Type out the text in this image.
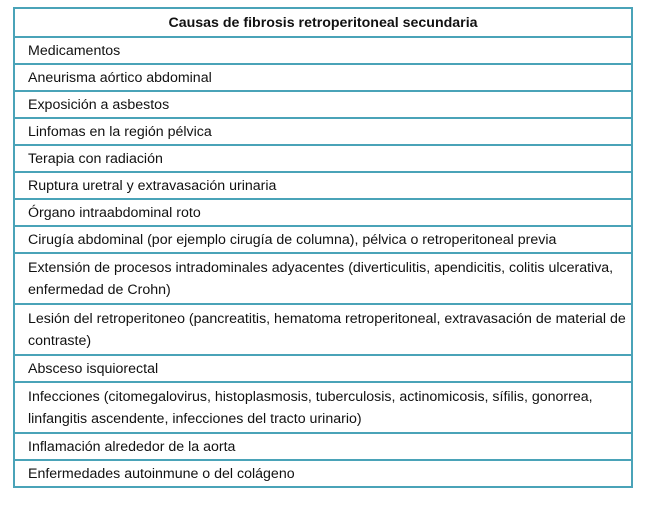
Causas de fibrosis retroperitoneal secundaria
Medicamentos
Aneurisma aórtico abdominal
Exposición a asbestos
Linfomas en la región pélvica
Terapia con radiación
Ruptura uretral y extravasación urinaria
Órgano intraabdominal roto
Cirugía abdominal (por ejemplo cirugía de columna), pélvica o retroperitoneal previa
Extensión de procesos intradominales adyacentes (diverticulitis, apendicitis, colitis ulcerativa, enfermedad de Crohn)
Lesión del retroperitoneo (pancreatitis, hematoma retroperitoneal, extravasación de material de contraste)
Absceso isquiorectal
Infecciones (citomegalovirus, histoplasmosis, tuberculosis, actinomicosis, sífilis, gonorrea, linfangitis ascendente, infecciones del tracto urinario)
Inflamación alrededor de la aorta
Enfermedades autoinmune o del colágeno
